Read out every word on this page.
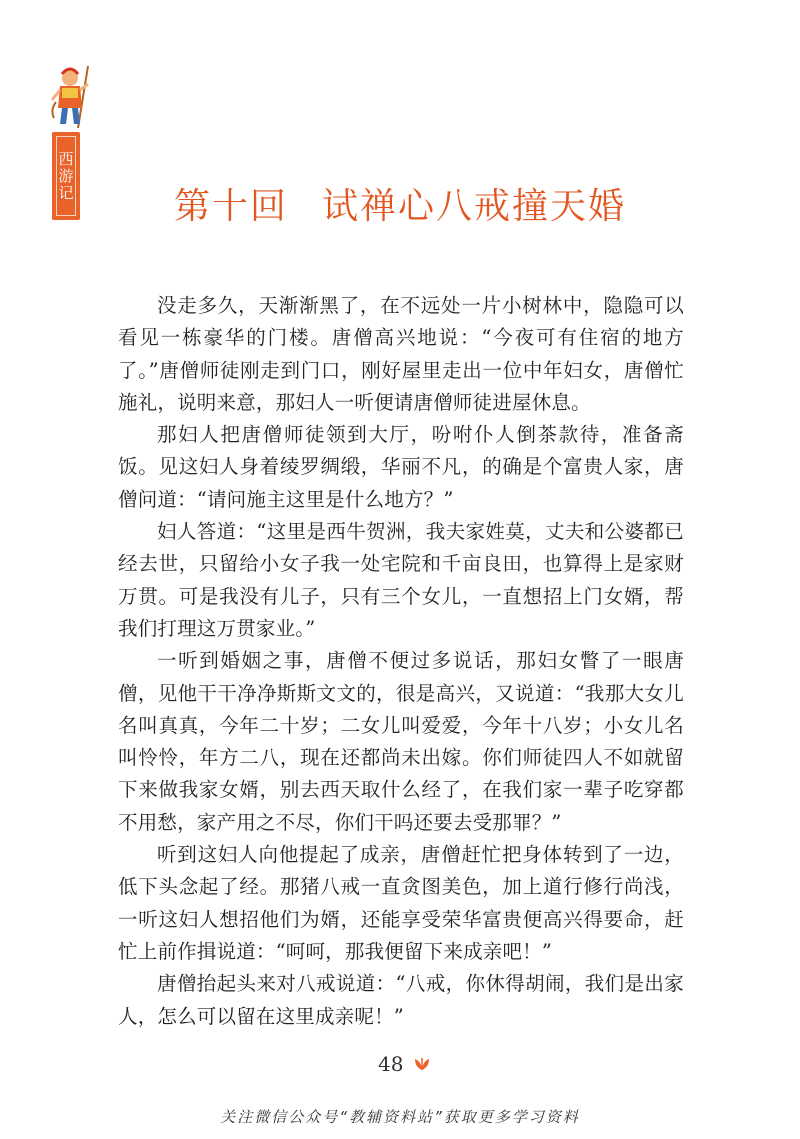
西游记
第十回 试禅心八戒撞天婚

没走多久，天渐渐黑了，在不远处一片小树林中，隐隐可以看见一栋豪华的门楼。唐僧高兴地说：“今夜可有住宿的地方了。”唐僧师徒刚走到门口，刚好屋里走出一位中年妇女，唐僧忙施礼，说明来意，那妇人一听便请唐僧师徒进屋休息。

那妇人把唐僧师徒领到大厅，吩咐仆人倒茶款待，准备斋饭。见这妇人身着绫罗绸缎，华丽不凡，的确是个富贵人家，唐僧问道：“请问施主这里是什么地方？”

妇人答道：“这里是西牛贺洲，我夫家姓莫，丈夫和公婆都已经去世，只留给小女子我一处宅院和千亩良田，也算得上是家财万贯。可是我没有儿子，只有三个女儿，一直想招上门女婿，帮我们打理这万贯家业。”

一听到婚姻之事，唐僧不便过多说话，那妇女瞥了一眼唐僧，见他干干净净斯斯文文的，很是高兴，又说道：“我那大女儿名叫真真，今年二十岁；二女儿叫爱爱，今年十八岁；小女儿名叫怜怜，年方二八，现在还都尚未出嫁。你们师徒四人不如就留下来做我家女婿，别去西天取什么经了，在我们家一辈子吃穿都不用愁，家产用之不尽，你们干吗还要去受那罪？”

听到这妇人向他提起了成亲，唐僧赶忙把身体转到了一边，低下头念起了经。那猪八戒一直贪图美色，加上道行修行尚浅，一听这妇人想招他们为婿，还能享受荣华富贵便高兴得要命，赶忙上前作揖说道：“呵呵，那我便留下来成亲吧！”

唐僧抬起头来对八戒说道：“八戒，你休得胡闹，我们是出家人，怎么可以留在这里成亲呢！”

48
关注微信公众号“教辅资料站”获取更多学习资料
